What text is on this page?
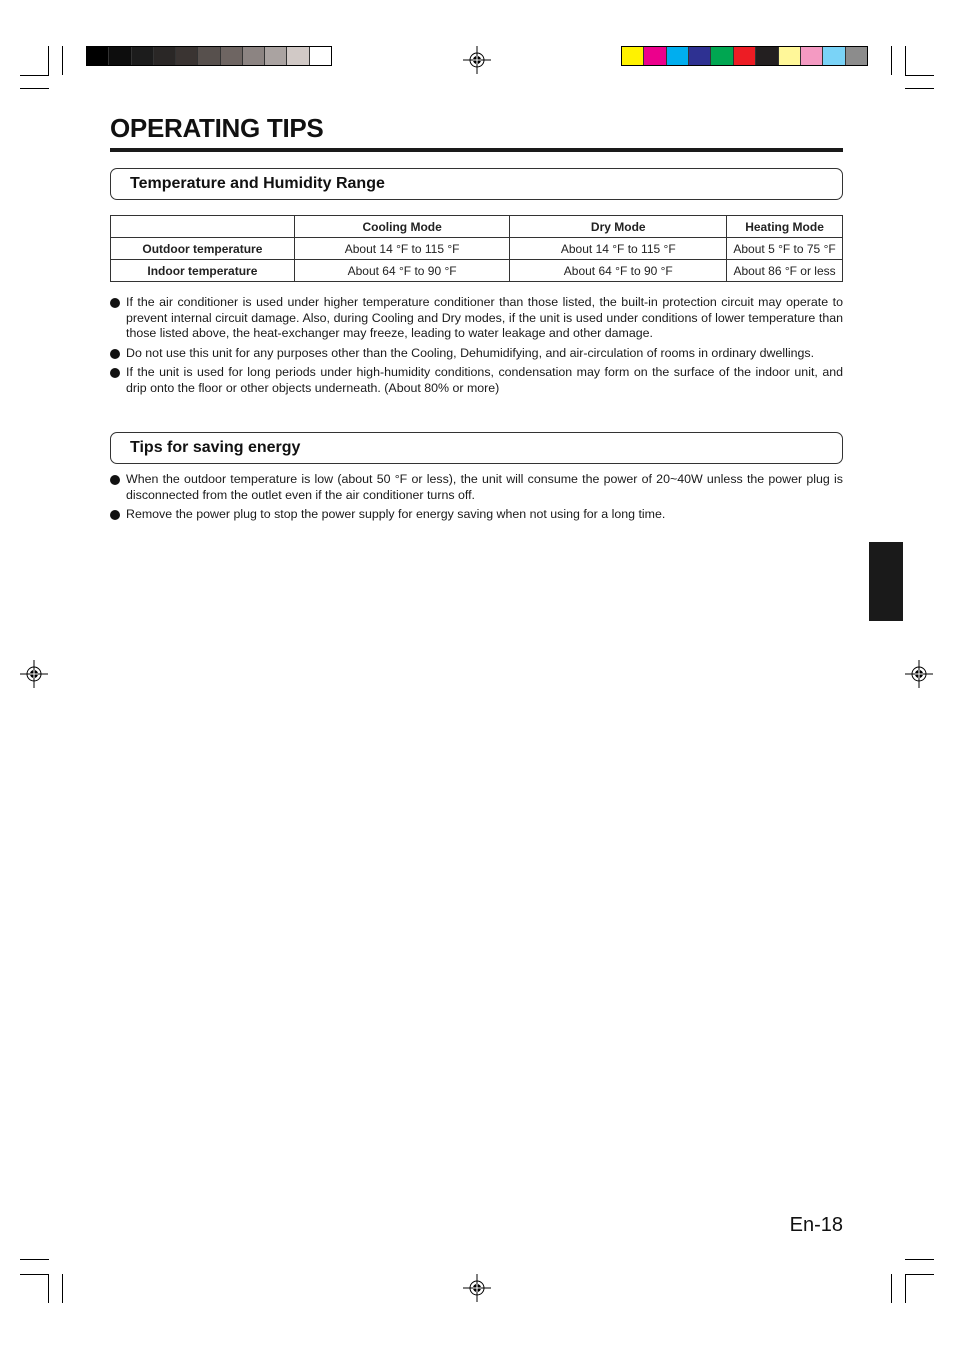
OPERATING TIPS
Temperature and Humidity Range
	Cooling Mode	Dry Mode	Heating Mode
Outdoor temperature	About 14 °F to 115 °F	About 14 °F to 115 °F	About 5 °F to 75 °F
Indoor temperature	About 64 °F to 90 °F	About 64 °F to 90 °F	About 86 °F or less
If the air conditioner is used under higher temperature conditioner than those listed, the built-in protection circuit may operate to prevent internal circuit damage. Also, during Cooling and Dry modes, if the unit is used under conditions of lower temperature than those listed above, the heat-exchanger may freeze, leading to water leakage and other damage.
Do not use this unit for any purposes other than the Cooling, Dehumidifying, and air-circulation of rooms in ordinary dwellings.
If the unit is used for long periods under high-humidity conditions, condensation may form on the surface of the indoor unit, and drip onto the floor or other objects underneath. (About 80% or more)
Tips for saving energy
When the outdoor temperature is low (about 50 °F or less), the unit will consume the power of 20~40W unless the power plug is disconnected from the outlet even if the air conditioner turns off.
Remove the power plug to stop the power supply for energy saving when not using for a long time.
En-18
